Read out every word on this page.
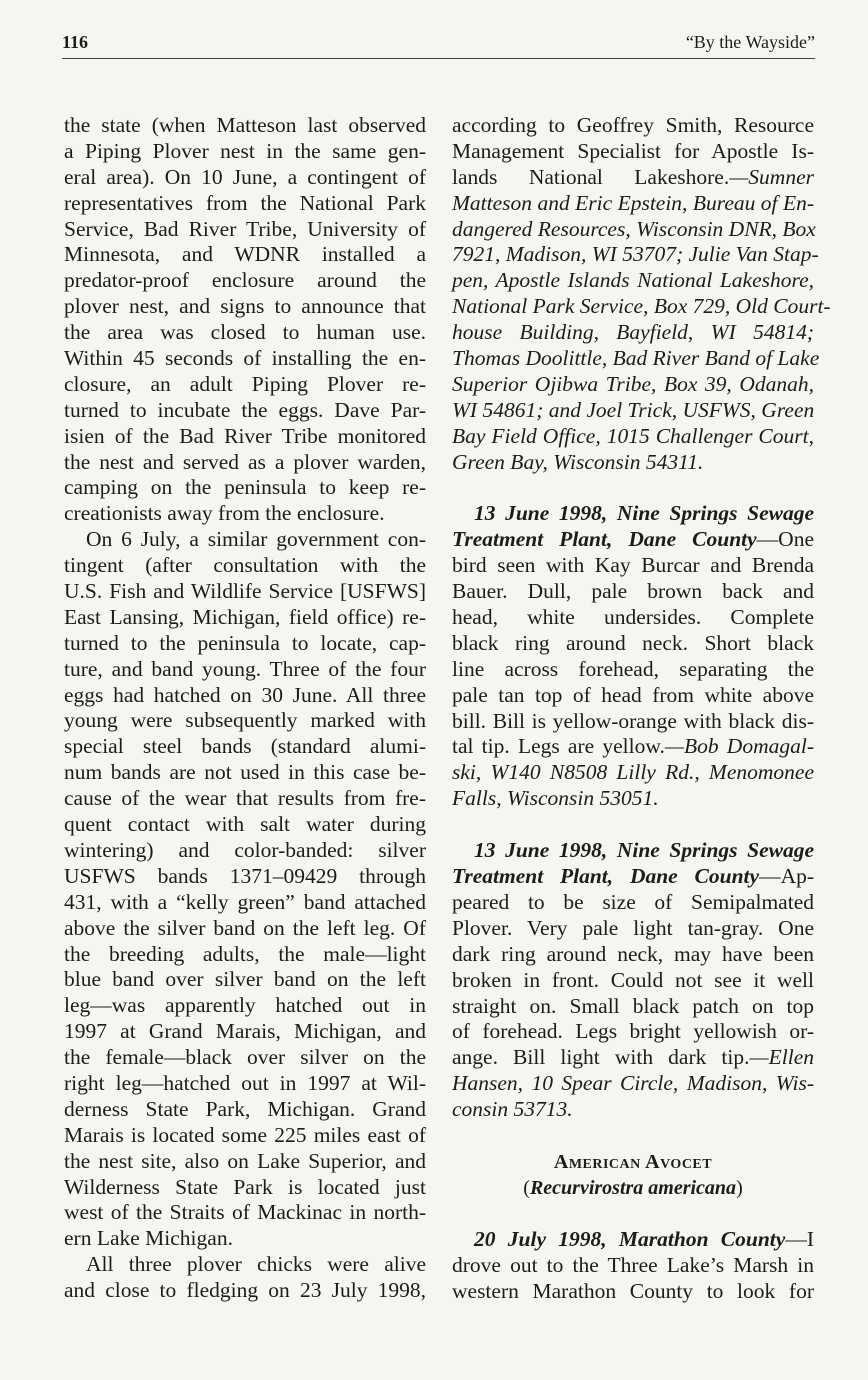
116	“By the Wayside”
the state (when Matteson last observed
a Piping Plover nest in the same gen-
eral area). On 10 June, a contingent of
representatives from the National Park
Service, Bad River Tribe, University of
Minnesota, and WDNR installed a
predator-proof enclosure around the
plover nest, and signs to announce that
the area was closed to human use.
Within 45 seconds of installing the en-
closure, an adult Piping Plover re-
turned to incubate the eggs. Dave Par-
isien of the Bad River Tribe monitored
the nest and served as a plover warden,
camping on the peninsula to keep re-
creationists away from the enclosure.
On 6 July, a similar government con-
tingent (after consultation with the
U.S. Fish and Wildlife Service [USFWS]
East Lansing, Michigan, field office) re-
turned to the peninsula to locate, cap-
ture, and band young. Three of the four
eggs had hatched on 30 June. All three
young were subsequently marked with
special steel bands (standard alumi-
num bands are not used in this case be-
cause of the wear that results from fre-
quent contact with salt water during
wintering) and color-banded: silver
USFWS bands 1371–09429 through
431, with a “kelly green” band attached
above the silver band on the left leg. Of
the breeding adults, the male—light
blue band over silver band on the left
leg—was apparently hatched out in
1997 at Grand Marais, Michigan, and
the female—black over silver on the
right leg—hatched out in 1997 at Wil-
derness State Park, Michigan. Grand
Marais is located some 225 miles east of
the nest site, also on Lake Superior, and
Wilderness State Park is located just
west of the Straits of Mackinac in north-
ern Lake Michigan.
All three plover chicks were alive
and close to fledging on 23 July 1998,
according to Geoffrey Smith, Resource
Management Specialist for Apostle Is-
lands National Lakeshore.—Sumner
Matteson and Eric Epstein, Bureau of En-
dangered Resources, Wisconsin DNR, Box
7921, Madison, WI 53707; Julie Van Stap-
pen, Apostle Islands National Lakeshore,
National Park Service, Box 729, Old Court-
house Building, Bayfield, WI 54814;
Thomas Doolittle, Bad River Band of Lake
Superior Ojibwa Tribe, Box 39, Odanah,
WI 54861; and Joel Trick, USFWS, Green
Bay Field Office, 1015 Challenger Court,
Green Bay, Wisconsin 54311.
13 June 1998, Nine Springs Sewage
Treatment Plant, Dane County—One
bird seen with Kay Burcar and Brenda
Bauer. Dull, pale brown back and
head, white undersides. Complete
black ring around neck. Short black
line across forehead, separating the
pale tan top of head from white above
bill. Bill is yellow-orange with black dis-
tal tip. Legs are yellow.—Bob Domagal-
ski, W140 N8508 Lilly Rd., Menomonee
Falls, Wisconsin 53051.
13 June 1998, Nine Springs Sewage
Treatment Plant, Dane County—Ap-
peared to be size of Semipalmated
Plover. Very pale light tan-gray. One
dark ring around neck, may have been
broken in front. Could not see it well
straight on. Small black patch on top
of forehead. Legs bright yellowish or-
ange. Bill light with dark tip.—Ellen
Hansen, 10 Spear Circle, Madison, Wis-
consin 53713.
American Avocet
(Recurvirostra americana)
20 July 1998, Marathon County—I
drove out to the Three Lake’s Marsh in
western Marathon County to look for
